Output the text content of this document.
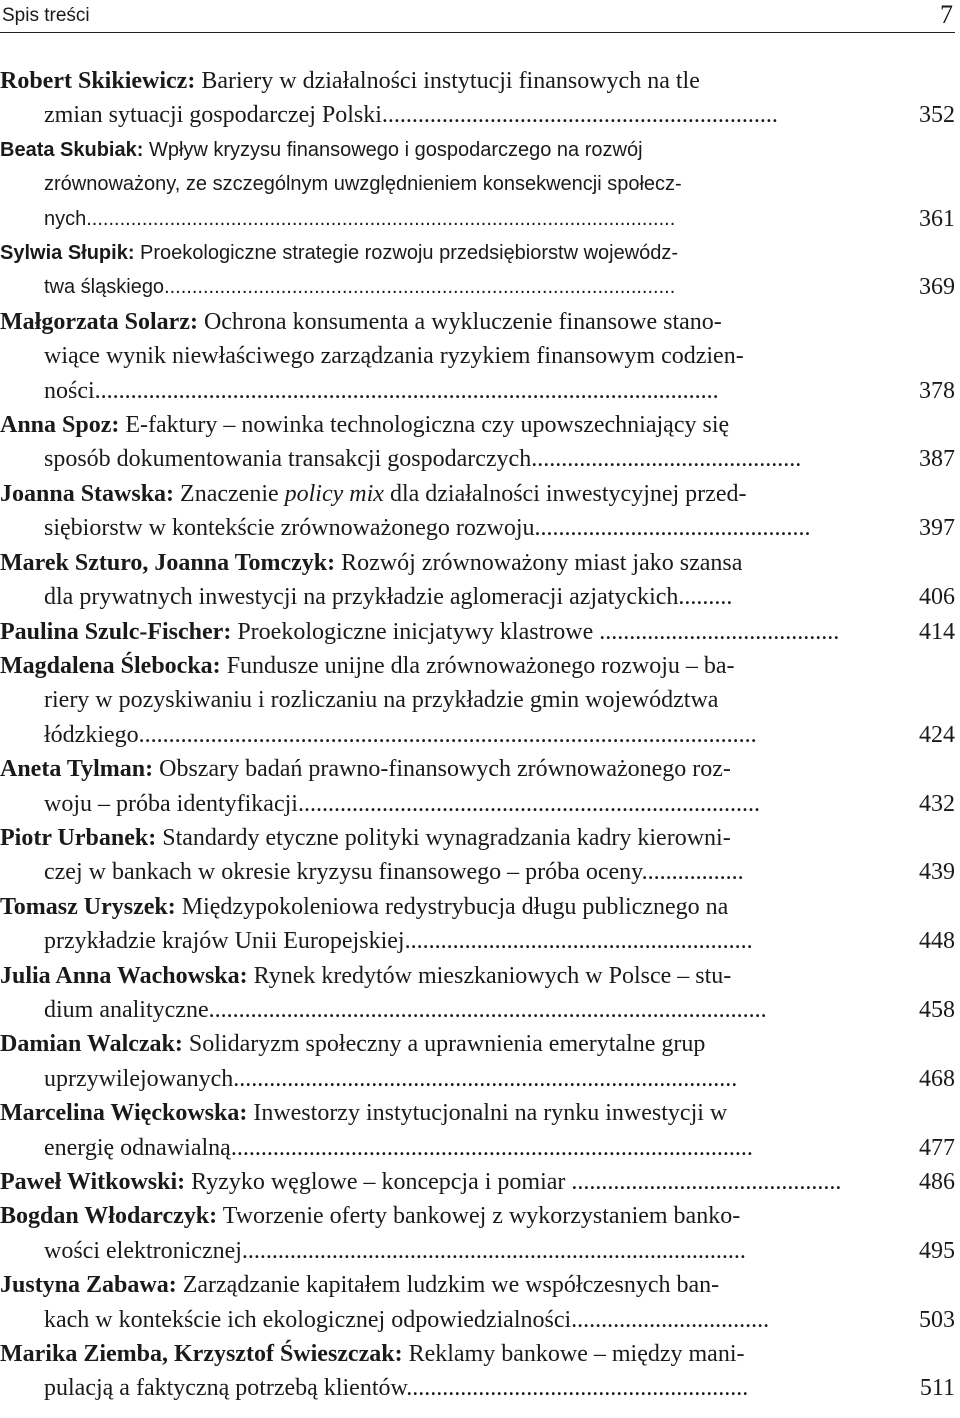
Spis treści	7
Robert Skikiewicz: Bariery w działalności instytucji finansowych na tle
zmian sytuacji gospodarczej Polski..................................................................	352
Beata Skubiak: Wpływ kryzysu finansowego i gospodarczego na rozwój
zrównoważony, ze szczególnym uwzględnieniem konsekwencji społecz-
nych..........................................................................................................	361
Sylwia Słupik: Proekologiczne strategie rozwoju przedsiębiorstw wojewódz-
twa śląskiego............................................................................................	369
Małgorzata Solarz: Ochrona konsumenta a wykluczenie finansowe stano-
wiące wynik niewłaściwego zarządzania ryzykiem finansowym codzien-
ności........................................................................................................	378
Anna Spoz: E-faktury – nowinka technologiczna czy upowszechniający się
sposób dokumentowania transakcji gospodarczych.............................................	387
Joanna Stawska: Znaczenie policy mix dla działalności inwestycyjnej przed-
siębiorstw w kontekście zrównoważonego rozwoju..............................................	397
Marek Szturo, Joanna Tomczyk: Rozwój zrównoważony miast jako szansa
dla prywatnych inwestycji na przykładzie aglomeracji azjatyckich.........	406
Paulina Szulc-Fischer: Proekologiczne inicjatywy klastrowe ........................................	414
Magdalena Ślebocka: Fundusze unijne dla zrównoważonego rozwoju – ba-
riery w pozyskiwaniu i rozliczaniu na przykładzie gmin województwa
łódzkiego.......................................................................................................	424
Aneta Tylman: Obszary badań prawno-finansowych zrównoważonego roz-
woju – próba identyfikacji.............................................................................	432
Piotr Urbanek: Standardy etyczne polityki wynagradzania kadry kierowni-
czej w bankach w okresie kryzysu finansowego – próba oceny.................	439
Tomasz Uryszek: Międzypokoleniowa redystrybucja długu publicznego na
przykładzie krajów Unii Europejskiej..........................................................	448
Julia Anna Wachowska: Rynek kredytów mieszkaniowych w Polsce – stu-
dium analityczne.............................................................................................	458
Damian Walczak: Solidaryzm społeczny a uprawnienia emerytalne grup
uprzywilejowanych....................................................................................	468
Marcelina Więckowska: Inwestorzy instytucjonalni na rynku inwestycji w
energię odnawialną.......................................................................................	477
Paweł Witkowski: Ryzyko węglowe – koncepcja i pomiar .............................................	486
Bogdan Włodarczyk: Tworzenie oferty bankowej z wykorzystaniem banko-
wości elektronicznej....................................................................................	495
Justyna Zabawa: Zarządzanie kapitałem ludzkim we współczesnych ban-
kach w kontekście ich ekologicznej odpowiedzialności.................................	503
Marika Ziemba, Krzysztof Świeszczak: Reklamy bankowe – między mani-
pulacją a faktyczną potrzebą klientów.........................................................	511
